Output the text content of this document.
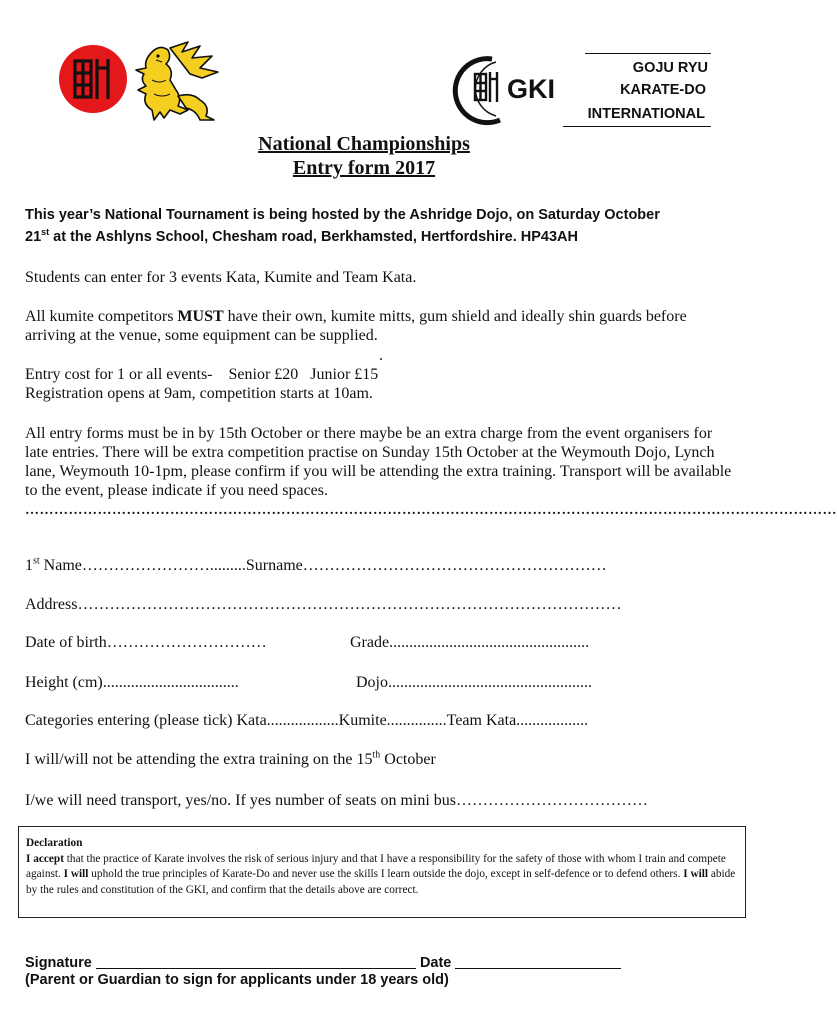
GKI
GOJU RYU
KARATE-DO
INTERNATIONAL
National Championships
Entry form 2017
This year’s National Tournament is being hosted by the Ashridge Dojo, on Saturday October
21st at the Ashlyns School, Chesham road, Berkhamsted, Hertfordshire. HP43AH
Students can enter for 3 events Kata, Kumite and Team Kata.
All kumite competitors MUST have their own, kumite mitts, gum shield and ideally shin guards before arriving at the venue, some equipment can be supplied.
.
Entry cost for 1 or all events-    Senior £20   Junior £15
Registration opens at 9am, competition starts at 10am.
All entry forms must be in by 15th October or there maybe be an extra charge from the event organisers for late entries. There will be extra competition practise on Sunday 15th October at the Weymouth Dojo, Lynch lane, Weymouth 10-1pm, please confirm if you will be attending the extra training. Transport will be available to the event, please indicate if you need spaces.
……………………………………………………………………………………………………………………………………………………
1st Name…………………….........Surname…………………………………………………
Address…………………………………………………………………………………………
Date of birth…………………………	Grade..................................................
Height (cm)..................................	Dojo...................................................
Categories entering (please tick) Kata..................Kumite...............Team Kata..................
I will/will not be attending the extra training on the 15th October
I/we will need transport, yes/no. If yes number of seats on mini bus………………………………
Declaration
I accept that the practice of Karate involves the risk of serious injury and that I have a responsibility for the safety of those with whom I train and compete against. I will uphold the true principles of Karate-Do and never use the skills I learn outside the dojo, except in self-defence or to defend others. I will abide by the rules and constitution of the GKI, and confirm that the details above are correct.
Signature	Date
(Parent or Guardian to sign for applicants under 18 years old)
